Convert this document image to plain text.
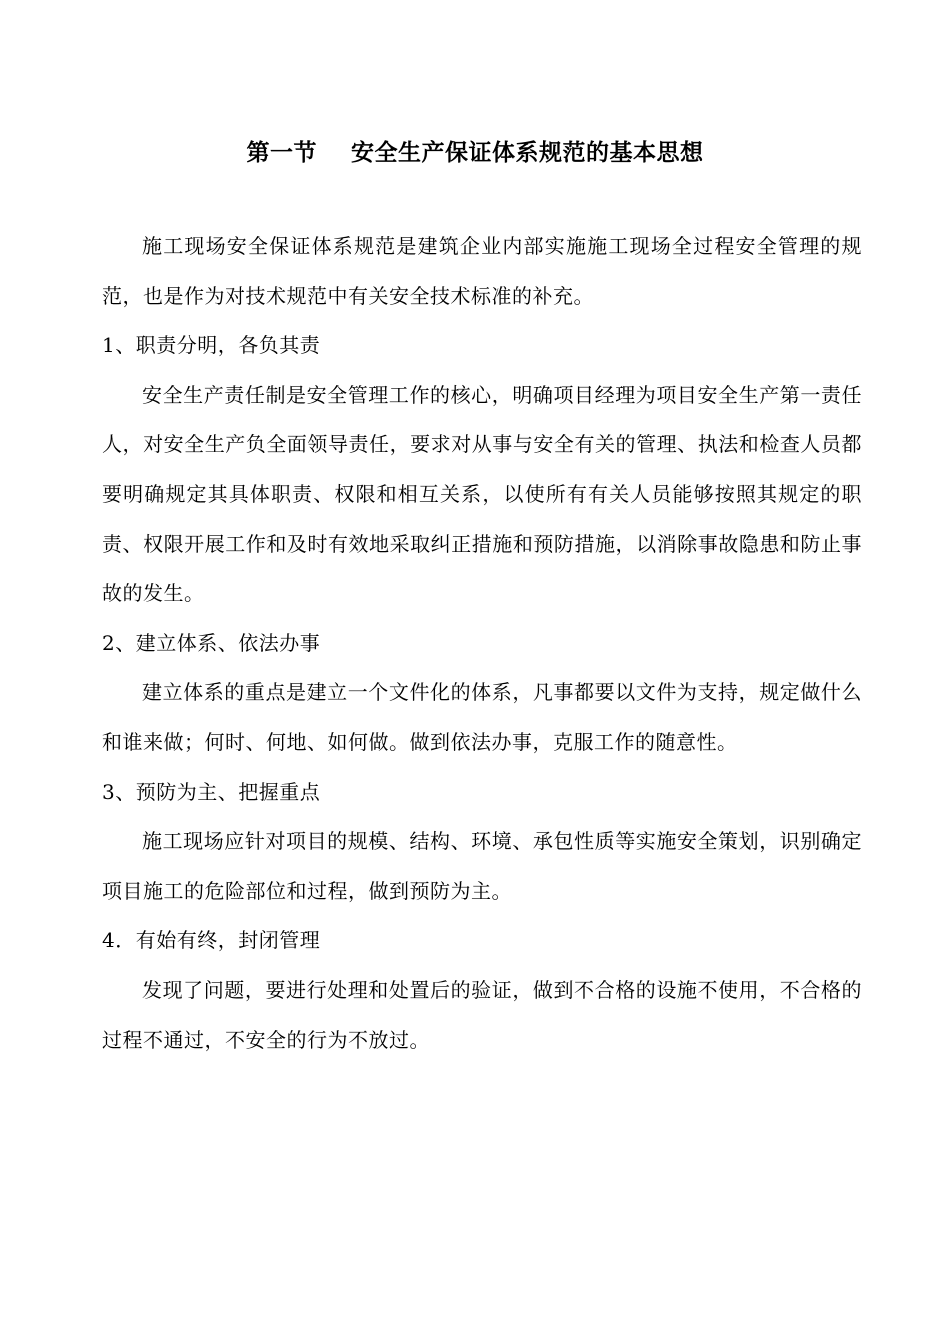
第一节    安全生产保证体系规范的基本思想

施工现场安全保证体系规范是建筑企业内部实施施工现场全过程安全管理的规范，也是作为对技术规范中有关安全技术标准的补充。

1、职责分明，各负其责

安全生产责任制是安全管理工作的核心，明确项目经理为项目安全生产第一责任人，对安全生产负全面领导责任，要求对从事与安全有关的管理、执法和检查人员都要明确规定其具体职责、权限和相互关系，以使所有有关人员能够按照其规定的职责、权限开展工作和及时有效地采取纠正措施和预防措施，以消除事故隐患和防止事故的发生。

2、建立体系、依法办事

建立体系的重点是建立一个文件化的体系，凡事都要以文件为支持，规定做什么和谁来做；何时、何地、如何做。做到依法办事，克服工作的随意性。

3、预防为主、把握重点

施工现场应针对项目的规模、结构、环境、承包性质等实施安全策划，识别确定项目施工的危险部位和过程，做到预防为主。

4．有始有终，封闭管理

发现了问题，要进行处理和处置后的验证，做到不合格的设施不使用，不合格的过程不通过，不安全的行为不放过。
